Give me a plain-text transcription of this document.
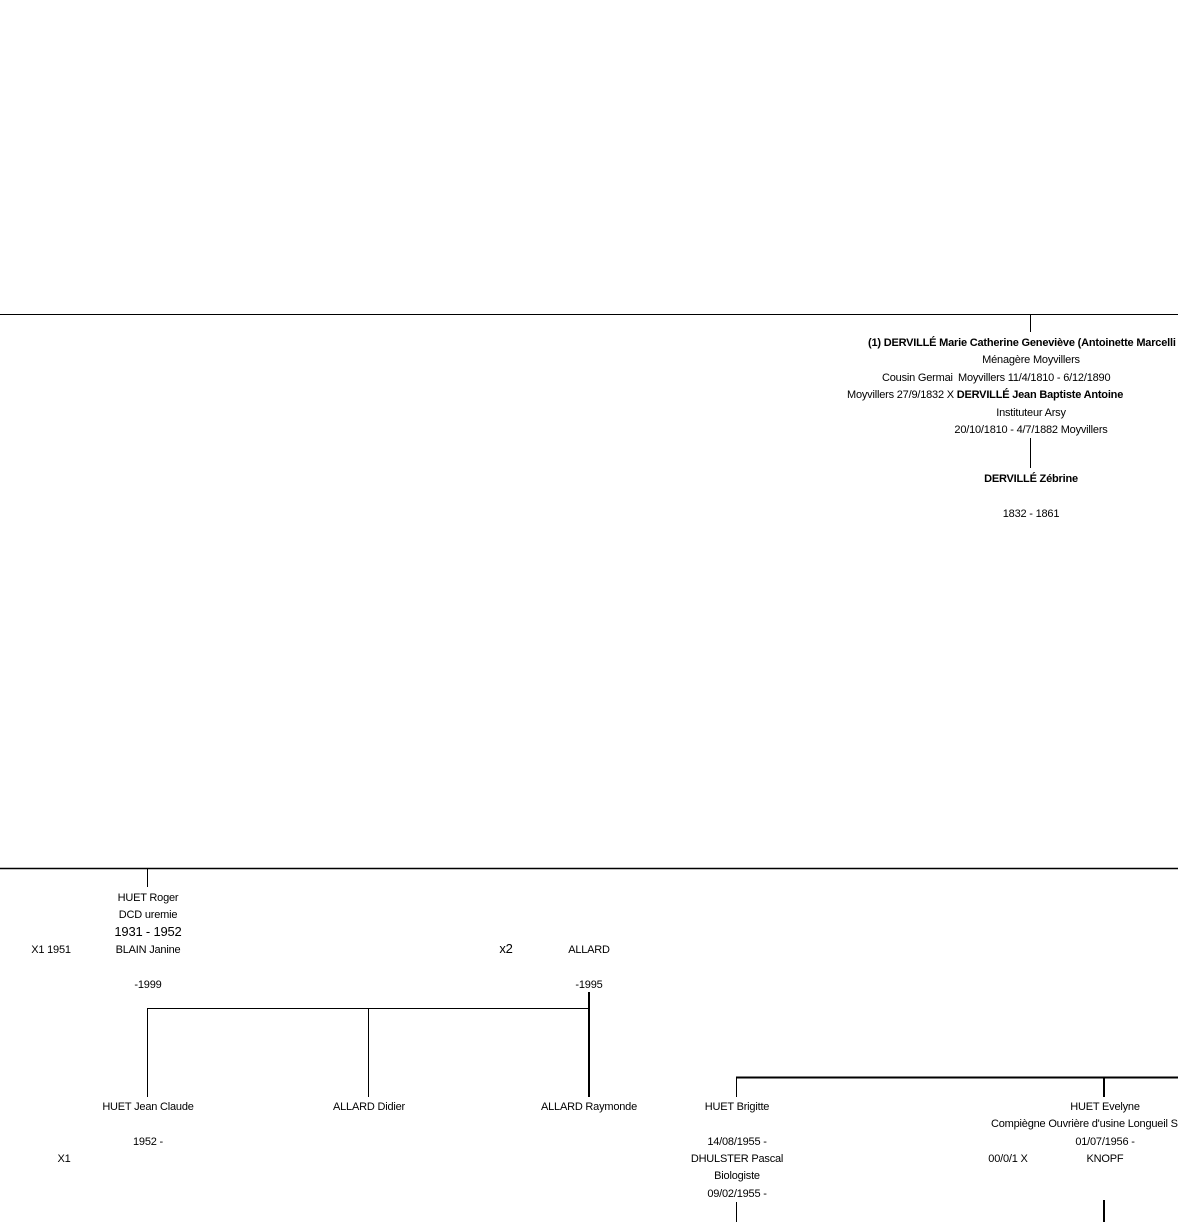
(1) DERVILLÉ Marie Catherine Geneviève (Antoinette Marcelli
Ménagère Moyvillers
Cousin Germai Moyvillers 11/4/1810 - 6/12/1890
Moyvillers 27/9/1832 X DERVILLÉ Jean Baptiste Antoine
Instituteur Arsy
20/10/1810 - 4/7/1882 Moyvillers
DERVILLÉ Zébrine
1832 - 1861
HUET Roger
DCD uremie
1931 - 1952
X1 1951	BLAIN Janine
-1999
x2	ALLARD
-1995
HUET Jean Claude
1952 -
X1
ALLARD Didier	ALLARD Raymonde	HUET Brigitte
14/08/1955 -
DHULSTER Pascal
Biologiste
09/02/1955 -
HUET Evelyne
Compiègne Ouvrière d'usine Longueil S
01/07/1956 -
00/0/1 X	KNOPF
